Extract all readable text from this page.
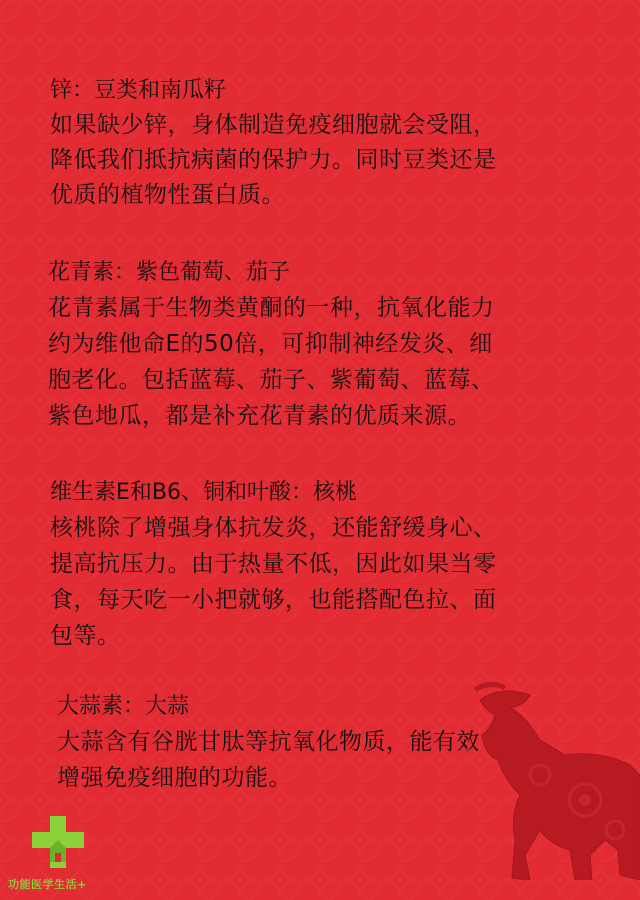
锌：豆类和南瓜籽
如果缺少锌，身体制造免疫细胞就会受阻，
降低我们抵抗病菌的保护力。同时豆类还是
优质的植物性蛋白质。
花青素：紫色葡萄、茄子
花青素属于生物类黄酮的一种，抗氧化能力
约为维他命E的50倍，可抑制神经发炎、细
胞老化。包括蓝莓、茄子、紫葡萄、蓝莓、
紫色地瓜，都是补充花青素的优质来源。
维生素E和B6、铜和叶酸：核桃
核桃除了增强身体抗发炎，还能舒缓身心、
提高抗压力。由于热量不低，因此如果当零
食，每天吃一小把就够，也能搭配色拉、面
包等。
大蒜素：大蒜
大蒜含有谷胱甘肽等抗氧化物质，能有效
增强免疫细胞的功能。
功能医学生活+
